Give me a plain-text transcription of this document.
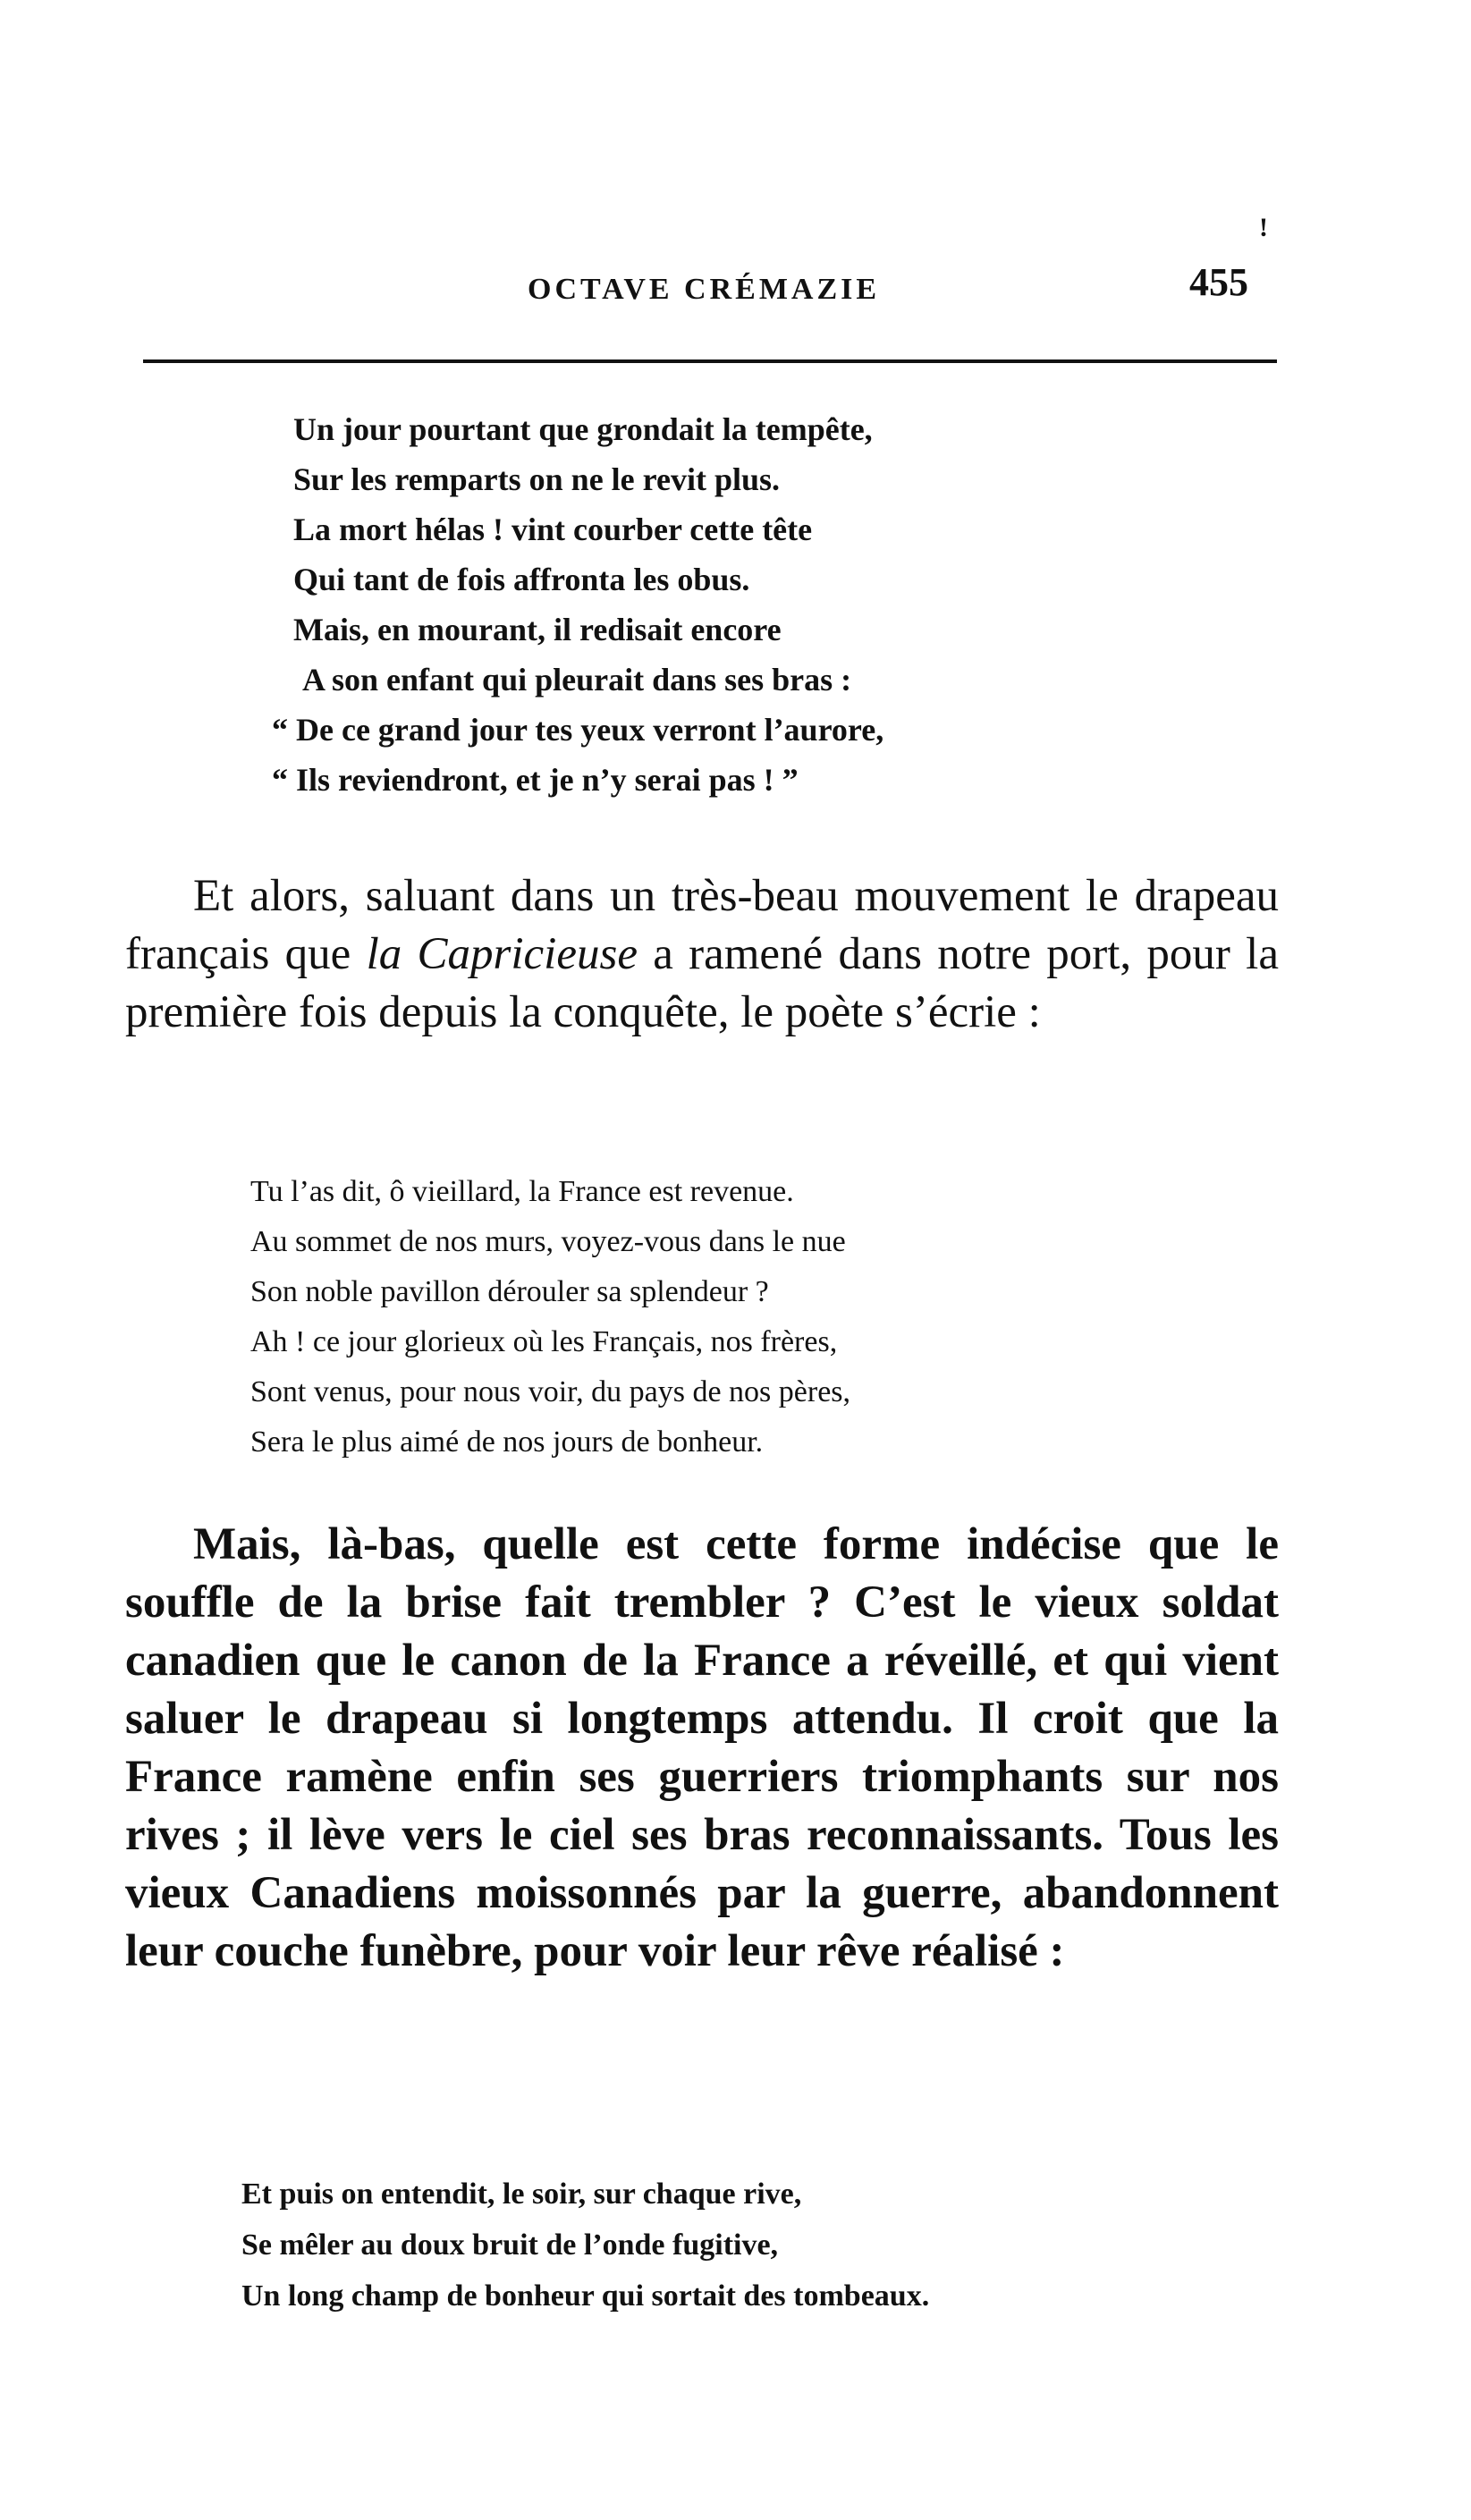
!
OCTAVE CRÉMAZIE	455
Un jour pourtant que grondait la tempête,
Sur les remparts on ne le revit plus.
La mort hélas ! vint courber cette tête
Qui tant de fois affronta les obus.
Mais, en mourant, il redisait encore
A son enfant qui pleurait dans ses bras :
“ De ce grand jour tes yeux verront l’aurore,
“ Ils reviendront, et je n’y serai pas ! ”

Et alors, saluant dans un très-beau mouvement le drapeau français que la Capricieuse a ramené dans notre port, pour la première fois depuis la conquête, le poète s’écrie :

Tu l’as dit, ô vieillard, la France est revenue.
Au sommet de nos murs, voyez-vous dans le nue
Son noble pavillon dérouler sa splendeur ?
Ah ! ce jour glorieux où les Français, nos frères,
Sont venus, pour nous voir, du pays de nos pères,
Sera le plus aimé de nos jours de bonheur.

Mais, là-bas, quelle est cette forme indécise que le souffle de la brise fait trembler ? C’est le vieux soldat canadien que le canon de la France a réveillé, et qui vient saluer le drapeau si longtemps attendu. Il croit que la France ramène enfin ses guerriers triomphants sur nos rives ; il lève vers le ciel ses bras reconnaissants. Tous les vieux Canadiens moissonnés par la guerre, abandonnent leur couche funèbre, pour voir leur rêve réalisé :

Et puis on entendit, le soir, sur chaque rive,
Se mêler au doux bruit de l’onde fugitive,
Un long champ de bonheur qui sortait des tombeaux.
